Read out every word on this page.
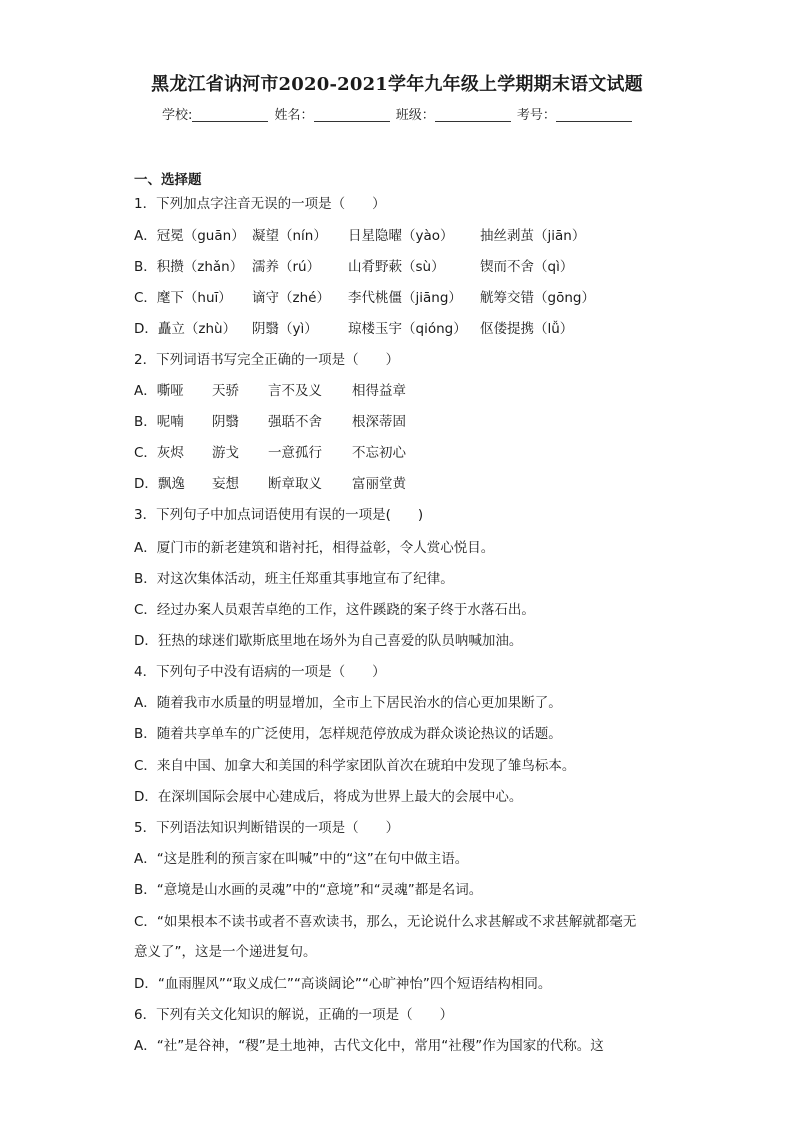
黑龙江省讷河市2020-2021学年九年级上学期期末语文试题
学校:	姓名：	班级：	考号：
一、选择题
1．下列加点字注音无误的一项是（　　）
A．冠冕（guān） 凝望（nín） 日星隐曜（yào） 抽丝剥茧（jiān）
B．积攒（zhǎn） 濡养（rú） 山肴野蔌（sù）	锲而不舍（qì）
C．麾下（huī） 谪守（zhé） 李代桃僵（jiāng） 觥筹交错（gōng）
D．矗立（zhù） 阴翳（yì） 琼楼玉宇（qióng） 伛偻提携（lǚ）
2．下列词语书写完全正确的一项是（　　）
A．嘶哑 天骄 言不及义 相得益章
B．呢喃 阴翳 强聒不舍 根深蒂固
C．灰烬 游戈 一意孤行 不忘初心
D．飘逸 妄想 断章取义 富丽堂黄
3．下列句子中加点词语使用有误的一项是(　　)
A．厦门市的新老建筑和谐衬托，相得益彰，令人赏心悦目。
B．对这次集体活动，班主任郑重其事地宣布了纪律。
C．经过办案人员艰苦卓绝的工作，这件蹊跷的案子终于水落石出。
D．狂热的球迷们歇斯底里地在场外为自己喜爱的队员呐喊加油。
4．下列句子中没有语病的一项是（　　）
A．随着我市水质量的明显增加，全市上下居民治水的信心更加果断了。
B．随着共享单车的广泛使用，怎样规范停放成为群众谈论热议的话题。
C．来自中国、加拿大和美国的科学家团队首次在琥珀中发现了雏鸟标本。
D．在深圳国际会展中心建成后，将成为世界上最大的会展中心。
5．下列语法知识判断错误的一项是（　　）
A．“这是胜利的预言家在叫喊”中的“这”在句中做主语。
B．“意境是山水画的灵魂”中的“意境”和“灵魂”都是名词。
C．“如果根本不读书或者不喜欢读书，那么，无论说什么求甚解或不求甚解就都毫无
意义了”，这是一个递进复句。
D．“血雨腥风”“取义成仁”“高谈阔论”“心旷神怡”四个短语结构相同。
6．下列有关文化知识的解说，正确的一项是（　　）
A．“社”是谷神，“稷”是土地神，古代文化中，常用“社稷”作为国家的代称。这
